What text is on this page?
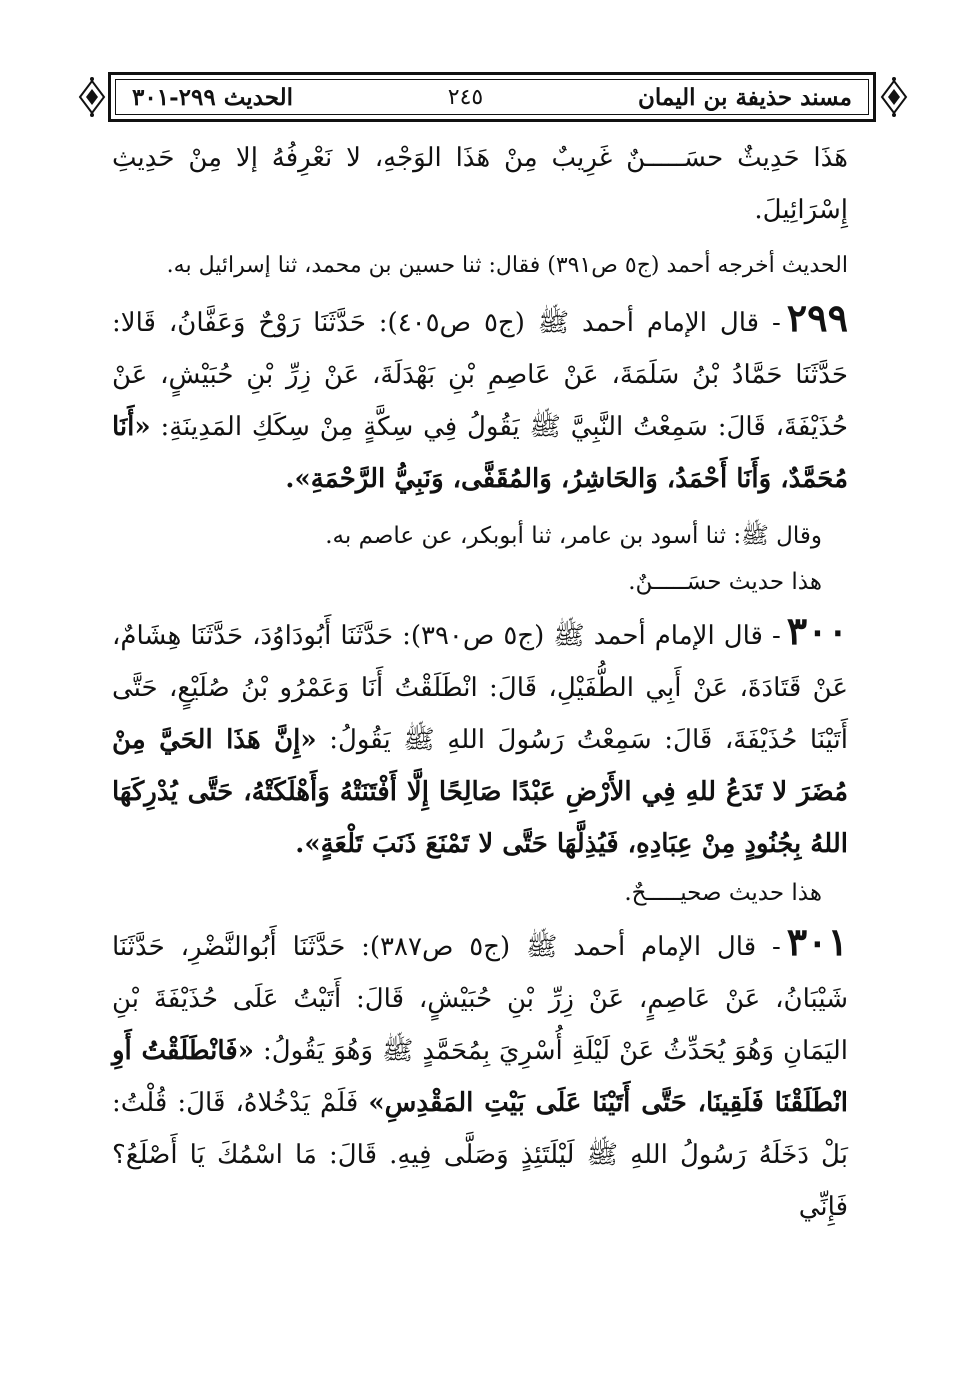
مسند حذيفة بن اليمان
٢٤٥
الحديث ٢٩٩-٣٠١

هَذَا حَدِيثٌ حسَـــــنٌ غَرِيبٌ مِنْ هَذَا الوَجْهِ، لا نَعْرِفُهُ إلا مِنْ حَدِيثِ إِسْرَائِيلَ.

الحديث أخرجه أحمد (ج٥ ص٣٩١) فقال: ثنا حسين بن محمد، ثنا إسرائيل به.

٢٩٩- قال الإمام أحمد ﷺ (ج٥ ص٤٠٥): حَدَّثَنَا رَوْحٌ وَعَفَّانُ، قَالا: حَدَّثَنَا حَمَّادُ بْنُ سَلَمَةَ، عَنْ عَاصِمِ بْنِ بَهْدَلَةَ، عَنْ زِرِّ بْنِ حُبَيْشٍ، عَنْ حُذَيْفَةَ، قَالَ: سَمِعْتُ النَّبِيَّ ﷺ يَقُولُ فِي سِكَّةٍ مِنْ سِكَكِ المَدِينَةِ: «أَنَا مُحَمَّدٌ، وَأَنَا أَحْمَدُ، وَالحَاشِرُ، وَالمُقَفَّى، وَنَبِيُّ الرَّحْمَةِ».

وقال ﷺ: ثنا أسود بن عامر، ثنا أبوبكر، عن عاصم به.

هذا حديث حسَـــــنٌ.

٣٠٠- قال الإمام أحمد ﷺ (ج٥ ص٣٩٠): حَدَّثَنَا أَبُودَاوُدَ، حَدَّثَنَا هِشَامٌ، عَنْ قَتَادَةَ، عَنْ أَبِي الطُّفَيْلِ، قَالَ: انْطَلَقْتُ أَنَا وَعَمْرُو بْنُ صُلَيْعٍ، حَتَّى أَتَيْنَا حُذَيْفَةَ، قَالَ: سَمِعْتُ رَسُولَ اللهِ ﷺ يَقُولُ: «إِنَّ هَذَا الحَيَّ مِنْ مُضَرَ لا تَدَعُ للهِ فِي الأَرْضِ عَبْدًا صَالِحًا إِلَّا أَفْتَنَتْهُ وَأَهْلَكَتْهُ، حَتَّى يُدْرِكَهَا اللهُ بِجُنُودٍ مِنْ عِبَادِهِ، فَيُذِلَّهَا حَتَّى لا تَمْنَعَ ذَنَبَ تَلْعَةٍ».

هذا حديث صحيـــــحٌ.

٣٠١- قال الإمام أحمد ﷺ (ج٥ ص٣٨٧): حَدَّثَنَا أَبُوالنَّضْرِ، حَدَّثَنَا شَيْبَانُ، عَنْ عَاصِمٍ، عَنْ زِرِّ بْنِ حُبَيْشٍ، قَالَ: أَتَيْتُ عَلَى حُذَيْفَةَ بْنِ اليَمَانِ وَهُوَ يُحَدِّثُ عَنْ لَيْلَةِ أُسْرِيَ بِمُحَمَّدٍ ﷺ وَهُوَ يَقُولُ: «فَانْطَلَقْتُ أَوِ انْطَلَقْنَا فَلَقِينَا، حَتَّى أَتَيْنَا عَلَى بَيْتِ المَقْدِسِ» فَلَمْ يَدْخُلاهُ، قَالَ: قُلْتُ: بَلْ دَخَلَهُ رَسُولُ اللهِ ﷺ لَيْلَتَئِذٍ وَصَلَّى فِيهِ. قَالَ: مَا اسْمُكَ يَا أَصْلَعُ؟ فَإِنِّي
